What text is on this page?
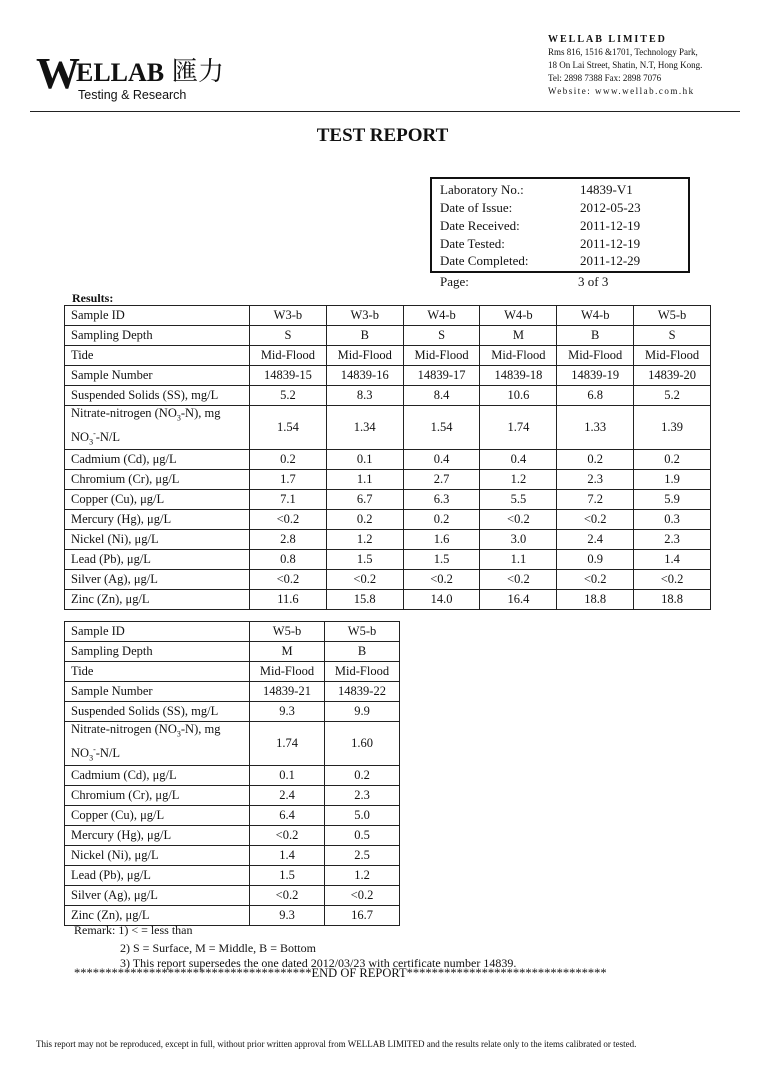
W
ELLAB 匯力
Testing & Research
WELLAB LIMITED
Rms 816, 1516 &1701, Technology Park,
18 On Lai Street, Shatin, N.T, Hong Kong.
Tel: 2898 7388 Fax: 2898 7076
Website: www.wellab.com.hk
TEST REPORT
Laboratory No.:	14839-V1
Date of Issue:	2012-05-23
Date Received:	2011-12-19
Date Tested:	2011-12-19
Date Completed:	2011-12-29
Page:	3 of 3
Results:
Sample ID	W3-b	W3-b	W4-b	W4-b	W4-b	W5-b
Sampling Depth	S	B	S	M	B	S
Tide	Mid-Flood	Mid-Flood	Mid-Flood	Mid-Flood	Mid-Flood	Mid-Flood
Sample Number	14839-15	14839-16	14839-17	14839-18	14839-19	14839-20
Suspended Solids (SS), mg/L	5.2	8.3	8.4	10.6	6.8	5.2
Nitrate-nitrogen $(NO_3-N)$, mg
$NO_3^--N/L$	1.54	1.34	1.54	1.74	1.33	1.39
Cadmium (Cd), μg/L	0.2	0.1	0.4	0.4	0.2	0.2
Chromium (Cr), μg/L	1.7	1.1	2.7	1.2	2.3	1.9
Copper (Cu), μg/L	7.1	6.7	6.3	5.5	7.2	5.9
Mercury (Hg), μg/L	<0.2	0.2	0.2	<0.2	<0.2	0.3
Nickel (Ni), μg/L	2.8	1.2	1.6	3.0	2.4	2.3
Lead (Pb), μg/L	0.8	1.5	1.5	1.1	0.9	1.4
Silver (Ag), μg/L	<0.2	<0.2	<0.2	<0.2	<0.2	<0.2
Zinc (Zn), μg/L	11.6	15.8	14.0	16.4	18.8	18.8
Sample ID	W5-b	W5-b
Sampling Depth	M	B
Tide	Mid-Flood	Mid-Flood
Sample Number	14839-21	14839-22
Suspended Solids (SS), mg/L	9.3	9.9
Nitrate-nitrogen $(NO_3-N)$, mg
$NO_3^--N/L$	1.74	1.60
Cadmium (Cd), μg/L	0.1	0.2
Chromium (Cr), μg/L	2.4	2.3
Copper (Cu), μg/L	6.4	5.0
Mercury (Hg), μg/L	<0.2	0.5
Nickel (Ni), μg/L	1.4	2.5
Lead (Pb), μg/L	1.5	1.2
Silver (Ag), μg/L	<0.2	<0.2
Zinc (Zn), μg/L	9.3	16.7
Remark: 1) < = less than
2) S = Surface, M = Middle, B = Bottom
3) This report supersedes the one dated 2012/03/23 with certificate number 14839.
**************************************END OF REPORT********************************
This report may not be reproduced, except in full, without prior written approval from WELLAB LIMITED and the results relate only to the items calibrated or tested.
